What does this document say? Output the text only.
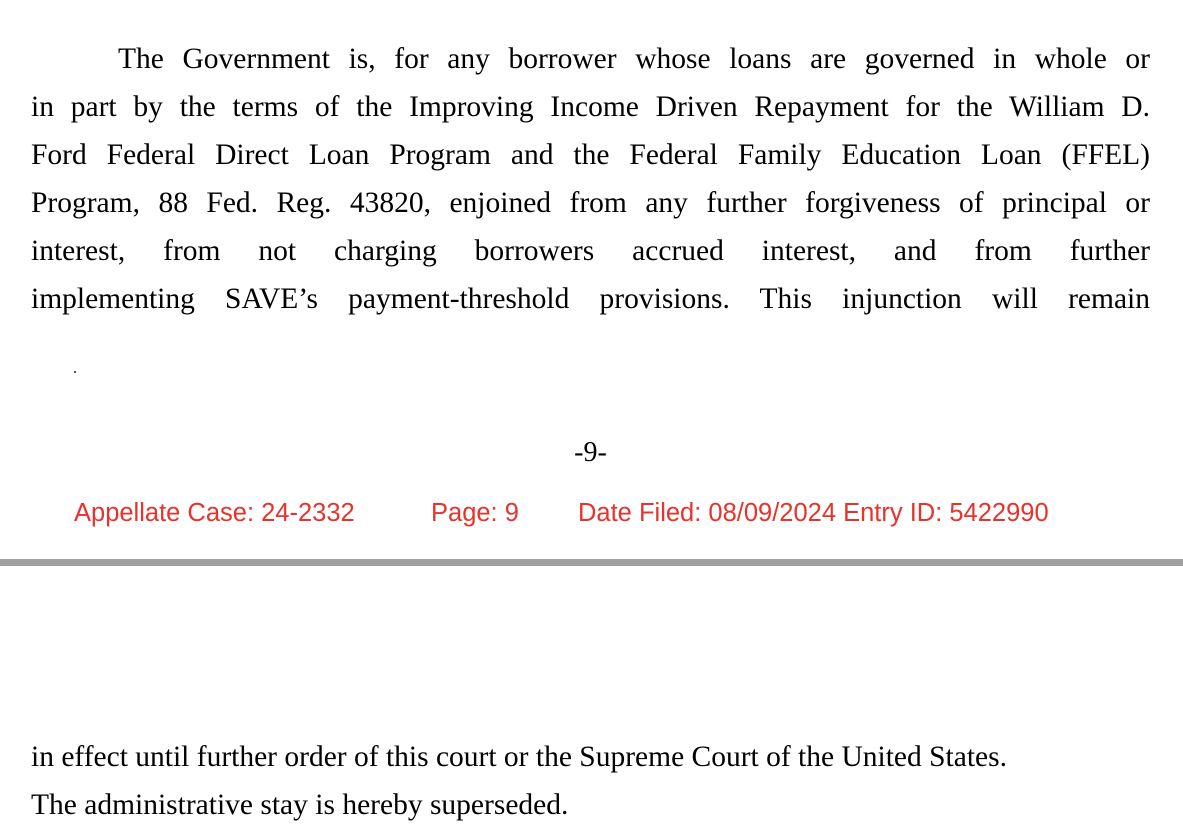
The Government is, for any borrower whose loans are governed in whole or

in part by the terms of the Improving Income Driven Repayment for the William D.

Ford Federal Direct Loan Program and the Federal Family Education Loan (FFEL)

Program, 88 Fed. Reg. 43820, enjoined from any further forgiveness of principal or

interest, from not charging borrowers accrued interest, and from further

implementing SAVE’s payment-threshold provisions. This injunction will remain

-9-
Appellate Case: 24-2332	Page: 9 Date Filed: 08/09/2024 Entry ID: 5422990

in effect until further order of this court or the Supreme Court of the United States.

The administrative stay is hereby superseded.
